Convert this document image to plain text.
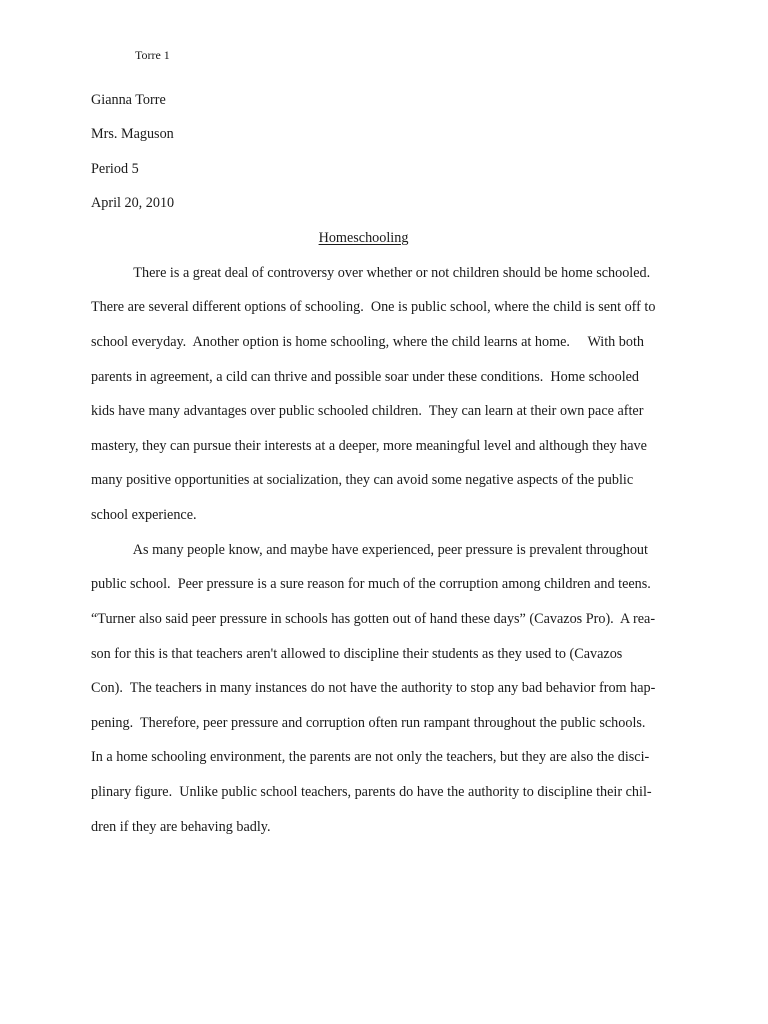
Torre 1
Gianna Torre
Mrs. Maguson
Period 5
April 20, 2010
Homeschooling
There is a great deal of controversy over whether or not children should be home schooled.
There are several different options of schooling.  One is public school, where the child is sent off to
school everyday.  Another option is home schooling, where the child learns at home.     With both
parents in agreement, a cild can thrive and possible soar under these conditions.  Home schooled
kids have many advantages over public schooled children.  They can learn at their own pace after
mastery, they can pursue their interests at a deeper, more meaningful level and although they have
many positive opportunities at socialization, they can avoid some negative aspects of the public
school experience.
As many people know, and maybe have experienced, peer pressure is prevalent throughout
public school.  Peer pressure is a sure reason for much of the corruption among children and teens.
“Turner also said peer pressure in schools has gotten out of hand these days” (Cavazos Pro).  A rea-
son for this is that teachers aren't allowed to discipline their students as they used to (Cavazos
Con).  The teachers in many instances do not have the authority to stop any bad behavior from hap-
pening.  Therefore, peer pressure and corruption often run rampant throughout the public schools.
In a home schooling environment, the parents are not only the teachers, but they are also the disci-
plinary figure.  Unlike public school teachers, parents do have the authority to discipline their chil-
dren if they are behaving badly.
